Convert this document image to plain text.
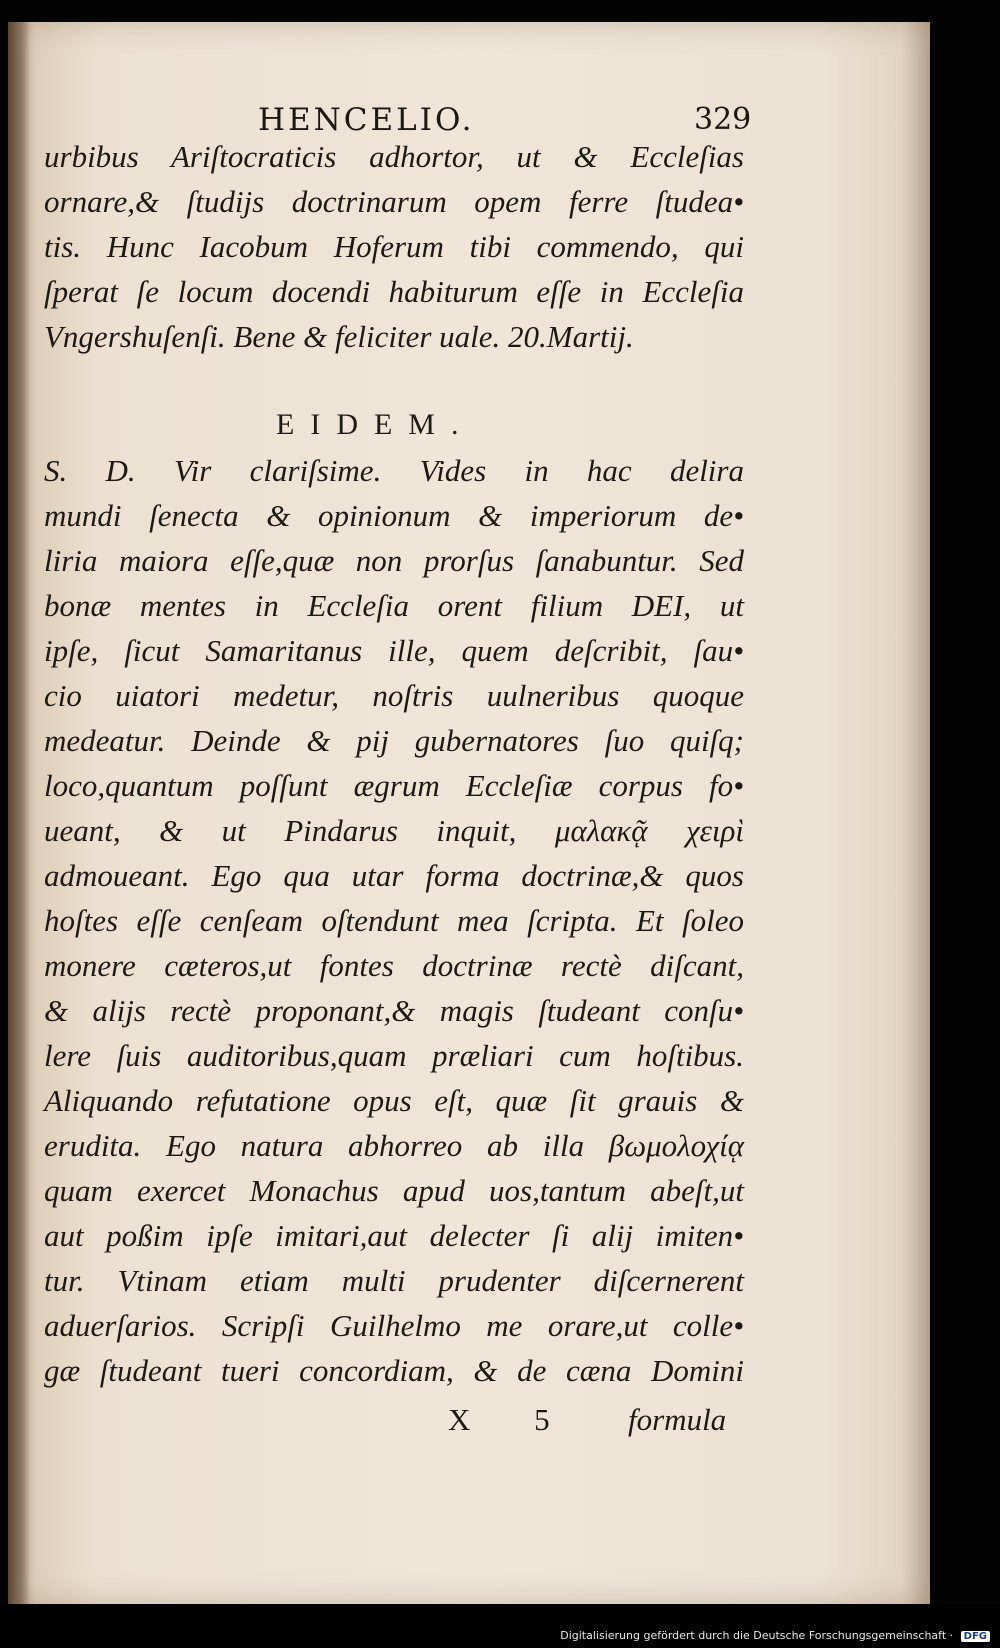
HENCELIO.	329
urbibus Ariſtocraticis adhortor, ut & Eccleſias
ornare,& ſtudijs doctrinarum opem ferre ſtudea•
tis. Hunc Iacobum Hoferum tibi commendo, qui
ſperat ſe locum docendi habiturum eſſe in Eccleſia
Vngershuſenſi. Bene & feliciter uale. 20.Martij.
EIDEM.
S. D. Vir clariſsime. Vides in hac delira
mundi ſenecta & opinionum & imperiorum de•
liria maiora eſſe,quæ non prorſus ſanabuntur. Sed
bonæ mentes in Eccleſia orent filium DEI, ut
ipſe, ſicut Samaritanus ille, quem deſcribit, ſau•
cio uiatori medetur, noſtris uulneribus quoque
medeatur. Deinde & pij gubernatores ſuo quiſq;
loco,quantum poſſunt ægrum Eccleſiæ corpus fo•
ueant, & ut Pindarus inquit, μαλακᾷ χειρὶ
admoueant. Ego qua utar forma doctrinæ,& quos
hoſtes eſſe cenſeam oſtendunt mea ſcripta. Et ſoleo
monere cæteros,ut fontes doctrinæ rectè diſcant,
& alijs rectè proponant,& magis ſtudeant conſu•
lere ſuis auditoribus,quam præliari cum hoſtibus.
Aliquando refutatione opus eſt, quæ ſit grauis &
erudita. Ego natura abhorreo ab illa βωμολοχίᾳ
quam exercet Monachus apud uos,tantum abeſt,ut
aut poßim ipſe imitari,aut delecter ſi alij imiten•
tur. Vtinam etiam multi prudenter diſcernerent
aduerſarios. Scripſi Guilhelmo me orare,ut colle•
gæ ſtudeant tueri concordiam, & de cæna Domini
X 5 formula
Digitalisierung gefördert durch die Deutsche Forschungsgemeinschaft · DFG
